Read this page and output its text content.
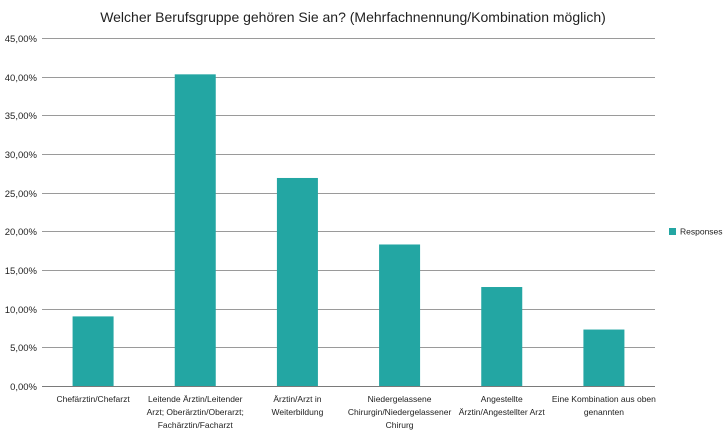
Welcher Berufsgruppe gehören Sie an? (Mehrfachnennung/Kombination möglich)
0,00%
5,00%
10,00%
15,00%
20,00%
25,00%
30,00%
35,00%
40,00%
45,00%
Chefärztin/Chefarzt Leitende Ärztin/Leitender
Arzt; Oberärztin/Oberarzt;
Fachärztin/Facharzt
Ärztin/Arzt in
Weiterbildung
Niedergelassene
Chirurgin/Niedergelassener
Chirurg
Angestellte
Ärztin/Angestellter Arzt
Eine Kombination aus oben
genannten
Responses
